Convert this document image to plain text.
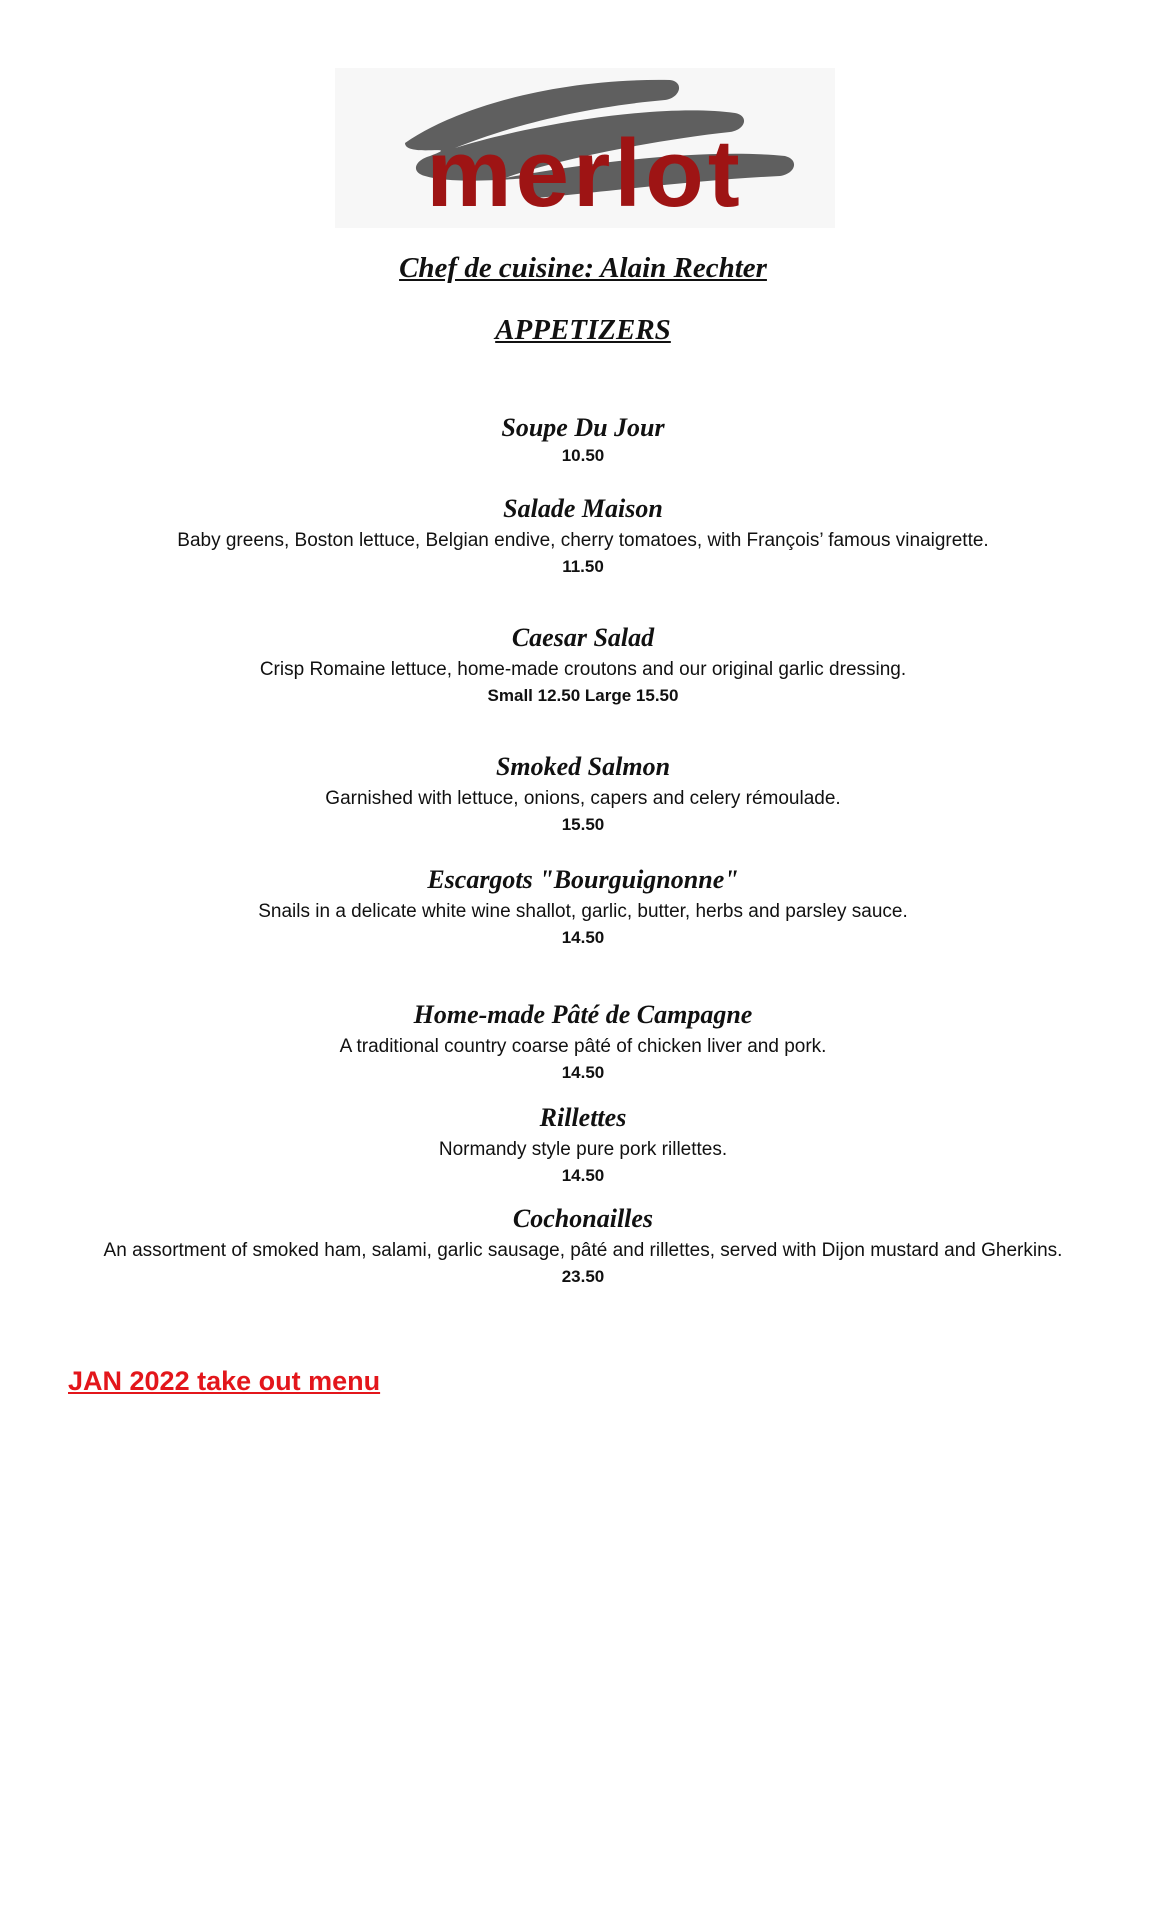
merlot
Chef de cuisine: Alain Rechter
APPETIZERS
Soupe Du Jour
10.50
Salade Maison
Baby greens, Boston lettuce, Belgian endive, cherry tomatoes, with François’ famous vinaigrette.
11.50
Caesar Salad
Crisp Romaine lettuce, home-made croutons and our original garlic dressing.
Small 12.50 Large 15.50
Smoked Salmon
Garnished with lettuce, onions, capers and celery rémoulade.
15.50
Escargots "Bourguignonne"
Snails in a delicate white wine shallot, garlic, butter, herbs and parsley sauce.
14.50
Home-made Pâté de Campagne
A traditional country coarse pâté of chicken liver and pork.
14.50
Rillettes
Normandy style pure pork rillettes.
14.50
Cochonailles
An assortment of smoked ham, salami, garlic sausage, pâté and rillettes, served with Dijon mustard and Gherkins.
23.50
JAN 2022 take out menu
